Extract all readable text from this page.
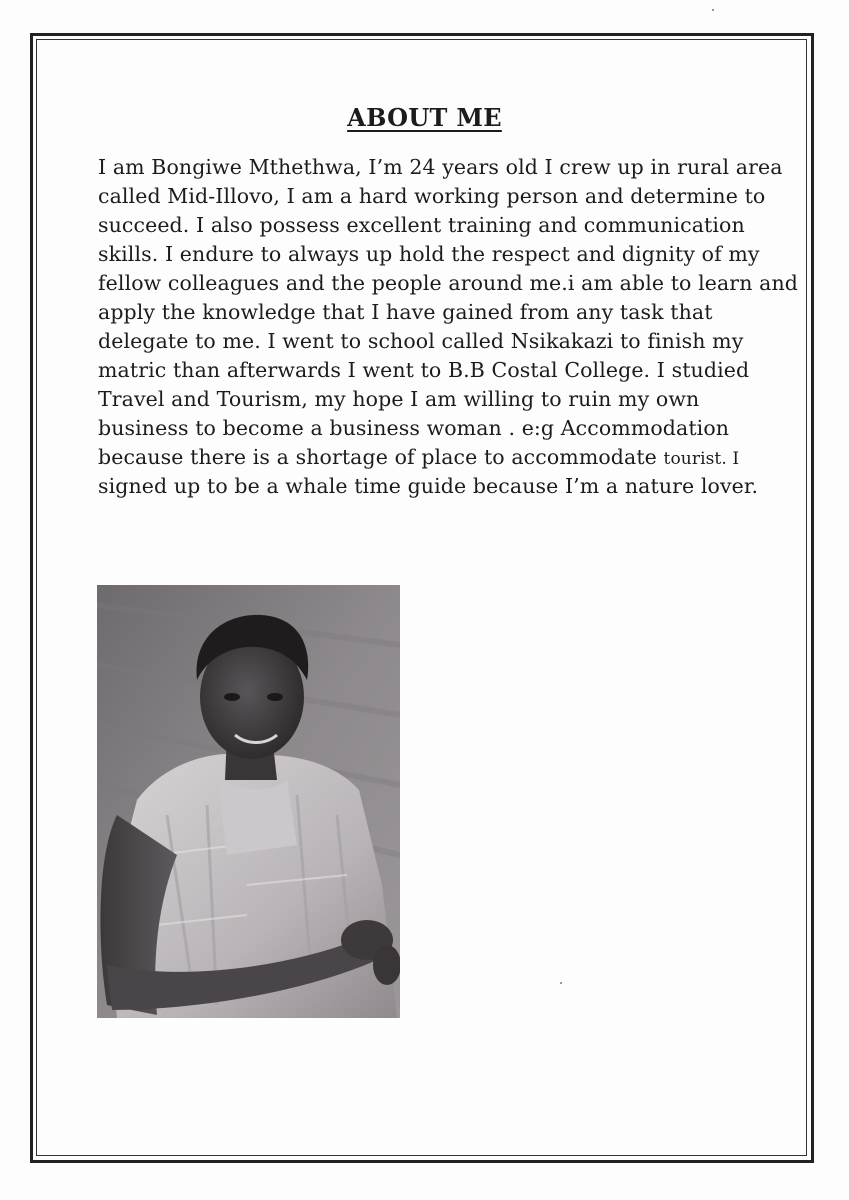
ABOUT ME
I am Bongiwe Mthethwa, I’m 24 years old I crew up in rural area
called Mid-Illovo, I am a hard working person and determine to
succeed. I also possess excellent training and communication
skills. I endure to always up hold the respect and dignity of my
fellow colleagues and the people around me.i am able to learn and
apply the knowledge that I have gained from any task that
delegate to me. I went to school called Nsikakazi to finish my
matric than afterwards I went to B.B Costal College. I studied
Travel and Tourism, my hope I am willing to ruin my own
business to become a business woman . e:g Accommodation
because there is a shortage of place to accommodate tourist. I
signed up to be a whale time guide because I’m a nature lover.
